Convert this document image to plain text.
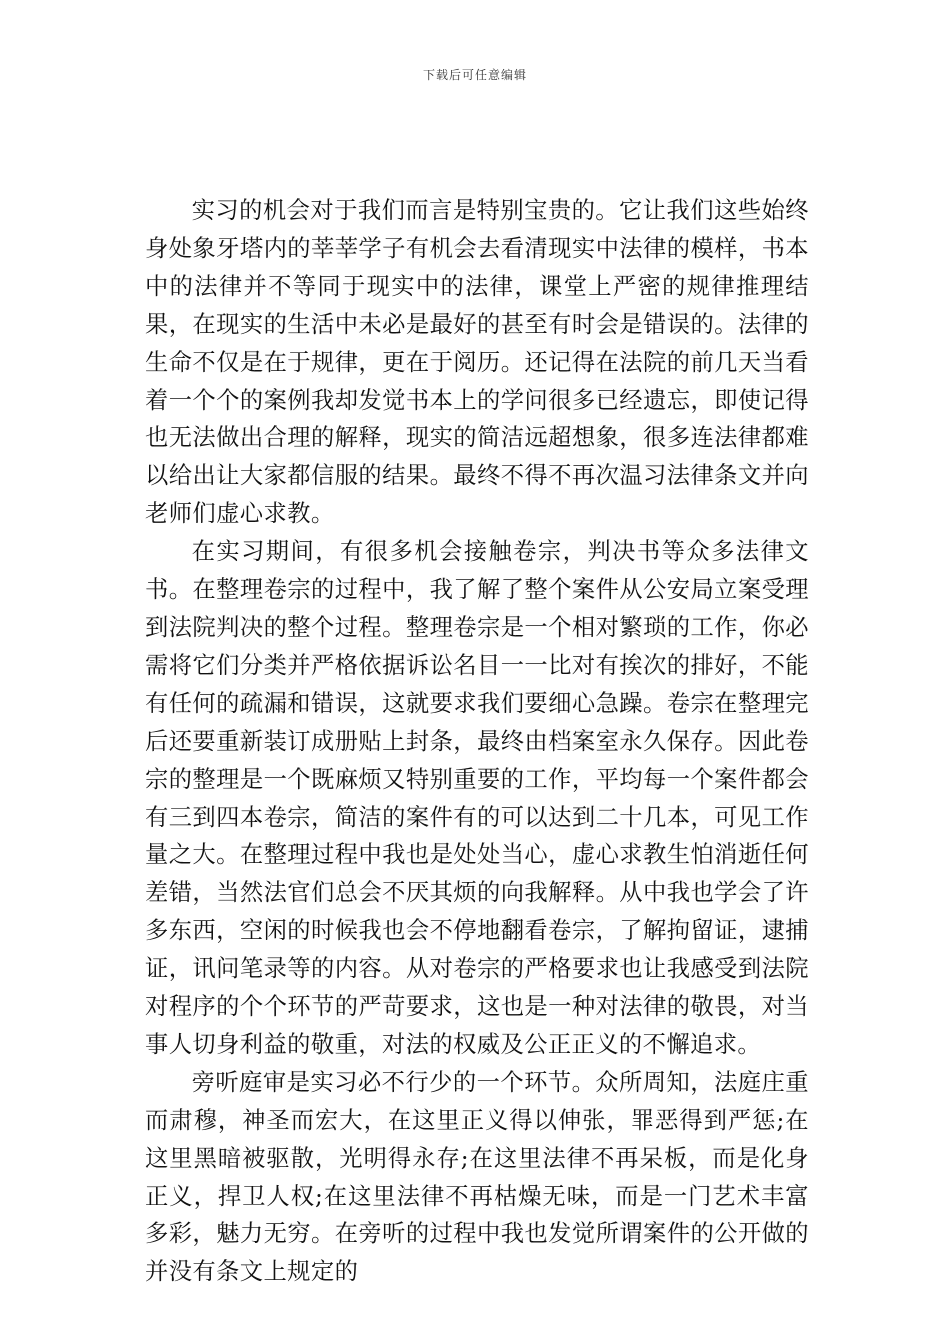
下载后可任意编辑

实习的机会对于我们而言是特别宝贵的。它让我们这些始终身处象牙塔内的莘莘学子有机会去看清现实中法律的模样，书本中的法律并不等同于现实中的法律，课堂上严密的规律推理结果，在现实的生活中未必是最好的甚至有时会是错误的。法律的生命不仅是在于规律，更在于阅历。还记得在法院的前几天当看着一个个的案例我却发觉书本上的学问很多已经遗忘，即使记得也无法做出合理的解释，现实的简洁远超想象，很多连法律都难以给出让大家都信服的结果。最终不得不再次温习法律条文并向老师们虚心求教。

在实习期间，有很多机会接触卷宗，判决书等众多法律文书。在整理卷宗的过程中，我了解了整个案件从公安局立案受理到法院判决的整个过程。整理卷宗是一个相对繁琐的工作，你必需将它们分类并严格依据诉讼名目一一比对有挨次的排好，不能有任何的疏漏和错误，这就要求我们要细心急躁。卷宗在整理完后还要重新装订成册贴上封条，最终由档案室永久保存。因此卷宗的整理是一个既麻烦又特别重要的工作，平均每一个案件都会有三到四本卷宗，简洁的案件有的可以达到二十几本，可见工作量之大。在整理过程中我也是处处当心，虚心求教生怕消逝任何差错，当然法官们总会不厌其烦的向我解释。从中我也学会了许多东西，空闲的时候我也会不停地翻看卷宗，了解拘留证，逮捕证，讯问笔录等的内容。从对卷宗的严格要求也让我感受到法院对程序的个个环节的严苛要求，这也是一种对法律的敬畏，对当事人切身利益的敬重，对法的权威及公正正义的不懈追求。

旁听庭审是实习必不行少的一个环节。众所周知，法庭庄重而肃穆，神圣而宏大，在这里正义得以伸张，罪恶得到严惩;在这里黑暗被驱散，光明得永存;在这里法律不再呆板，而是化身正义，捍卫人权;在这里法律不再枯燥无味，而是一门艺术丰富多彩，魅力无穷。在旁听的过程中我也发觉所谓案件的公开做的并没有条文上规定的
